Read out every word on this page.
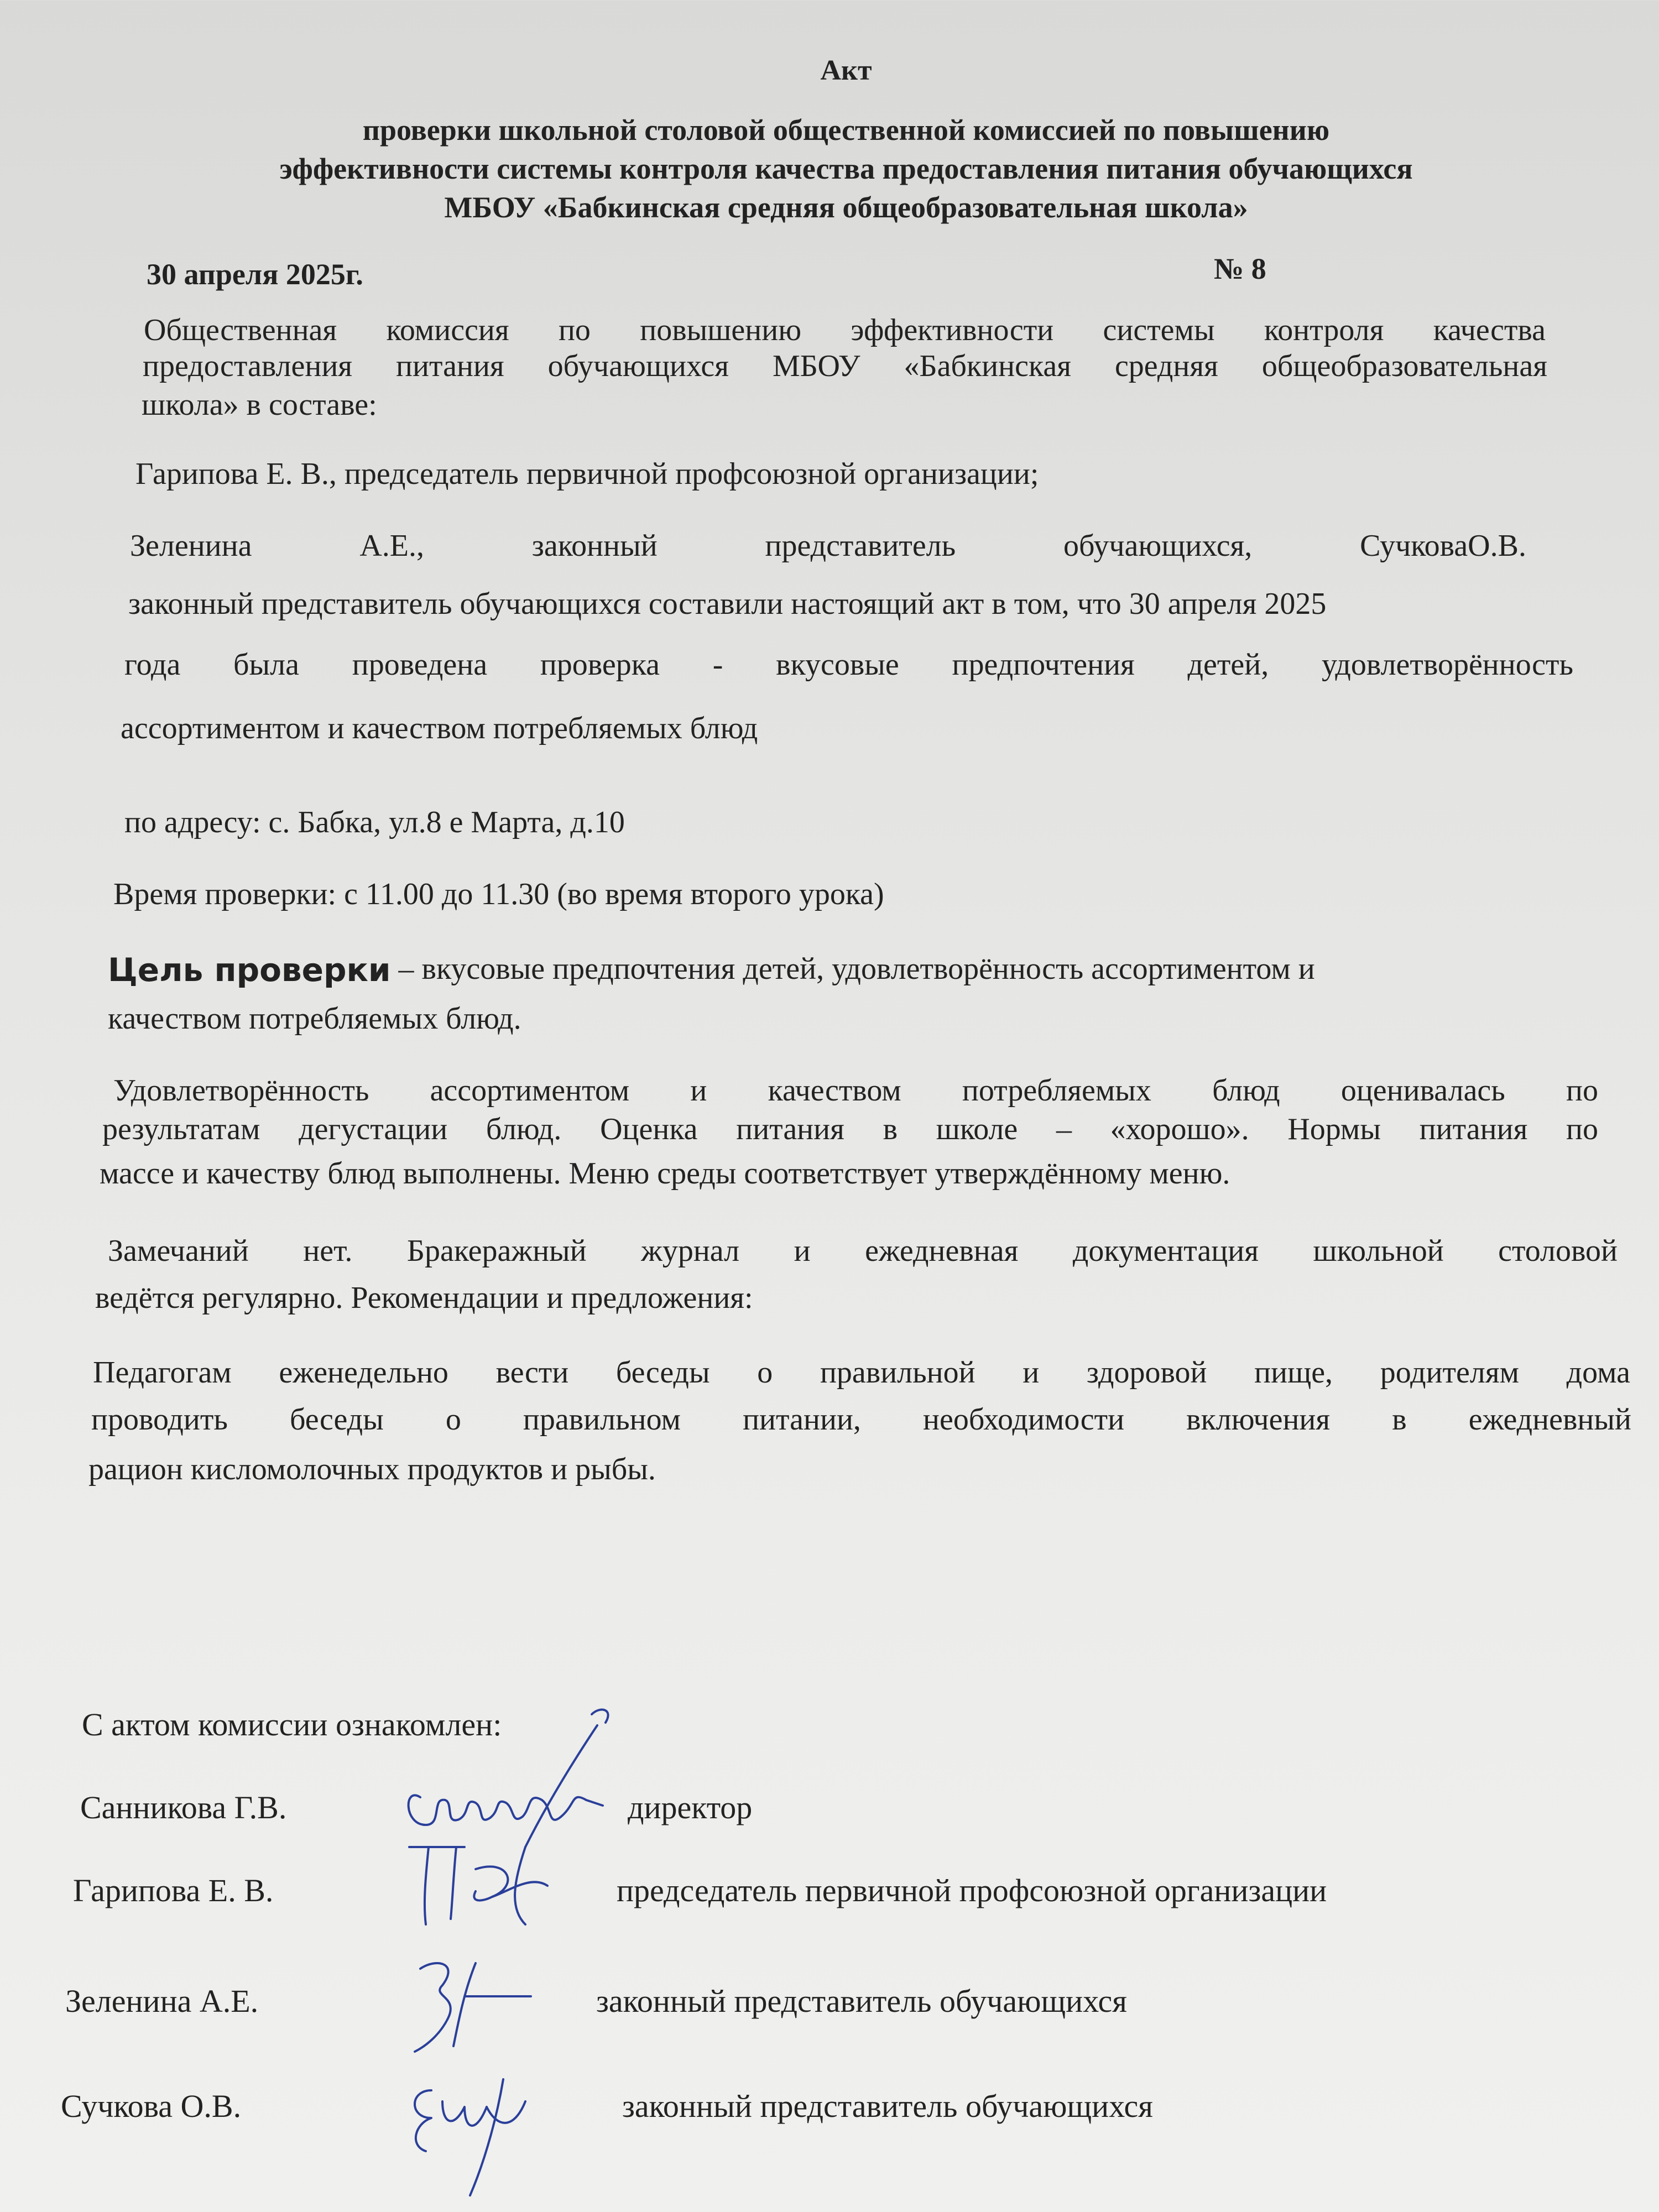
Акт
проверки школьной столовой общественной комиссией по повышению
эффективности системы контроля качества предоставления питания обучающихся
МБОУ «Бабкинская средняя общеобразовательная школа»
30 апреля 2025г.	№ 8
Общественная комиссия по повышению эффективности системы контроля качества
предоставления питания обучающихся МБОУ «Бабкинская средняя общеобразовательная
школа» в составе:
Гарипова Е. В., председатель первичной профсоюзной организации;
Зеленина	А.Е.,	законный	представитель	обучающихся,	СучковаО.В.
законный представитель обучающихся составили настоящий акт в том, что 30 апреля 2025
года была проведена проверка - вкусовые предпочтения детей, удовлетворённость
ассортиментом и качеством потребляемых блюд
по адресу: с. Бабка, ул.8 е Марта, д.10
Время проверки: с 11.00 до 11.30 (во время второго урока)
Цель проверки – вкусовые предпочтения детей, удовлетворённость ассортиментом и
качеством потребляемых блюд.
Удовлетворённость ассортиментом и качеством потребляемых блюд оценивалась по
результатам дегустации блюд. Оценка питания в школе – «хорошо». Нормы питания по
массе и качеству блюд выполнены. Меню среды соответствует утверждённому меню.
Замечаний нет. Бракеражный журнал и ежедневная документация школьной столовой
ведётся регулярно. Рекомендации и предложения:
Педагогам еженедельно вести беседы о правильной и здоровой пище, родителям дома
проводить беседы о правильном питании, необходимости включения в ежедневный
рацион кисломолочных продуктов и рыбы.
С актом комиссии ознакомлен:
Санникова Г.В.	директор
Гарипова Е. В.	председатель первичной профсоюзной организации
Зеленина А.Е.	законный представитель обучающихся
Сучкова О.В.	законный представитель обучающихся
